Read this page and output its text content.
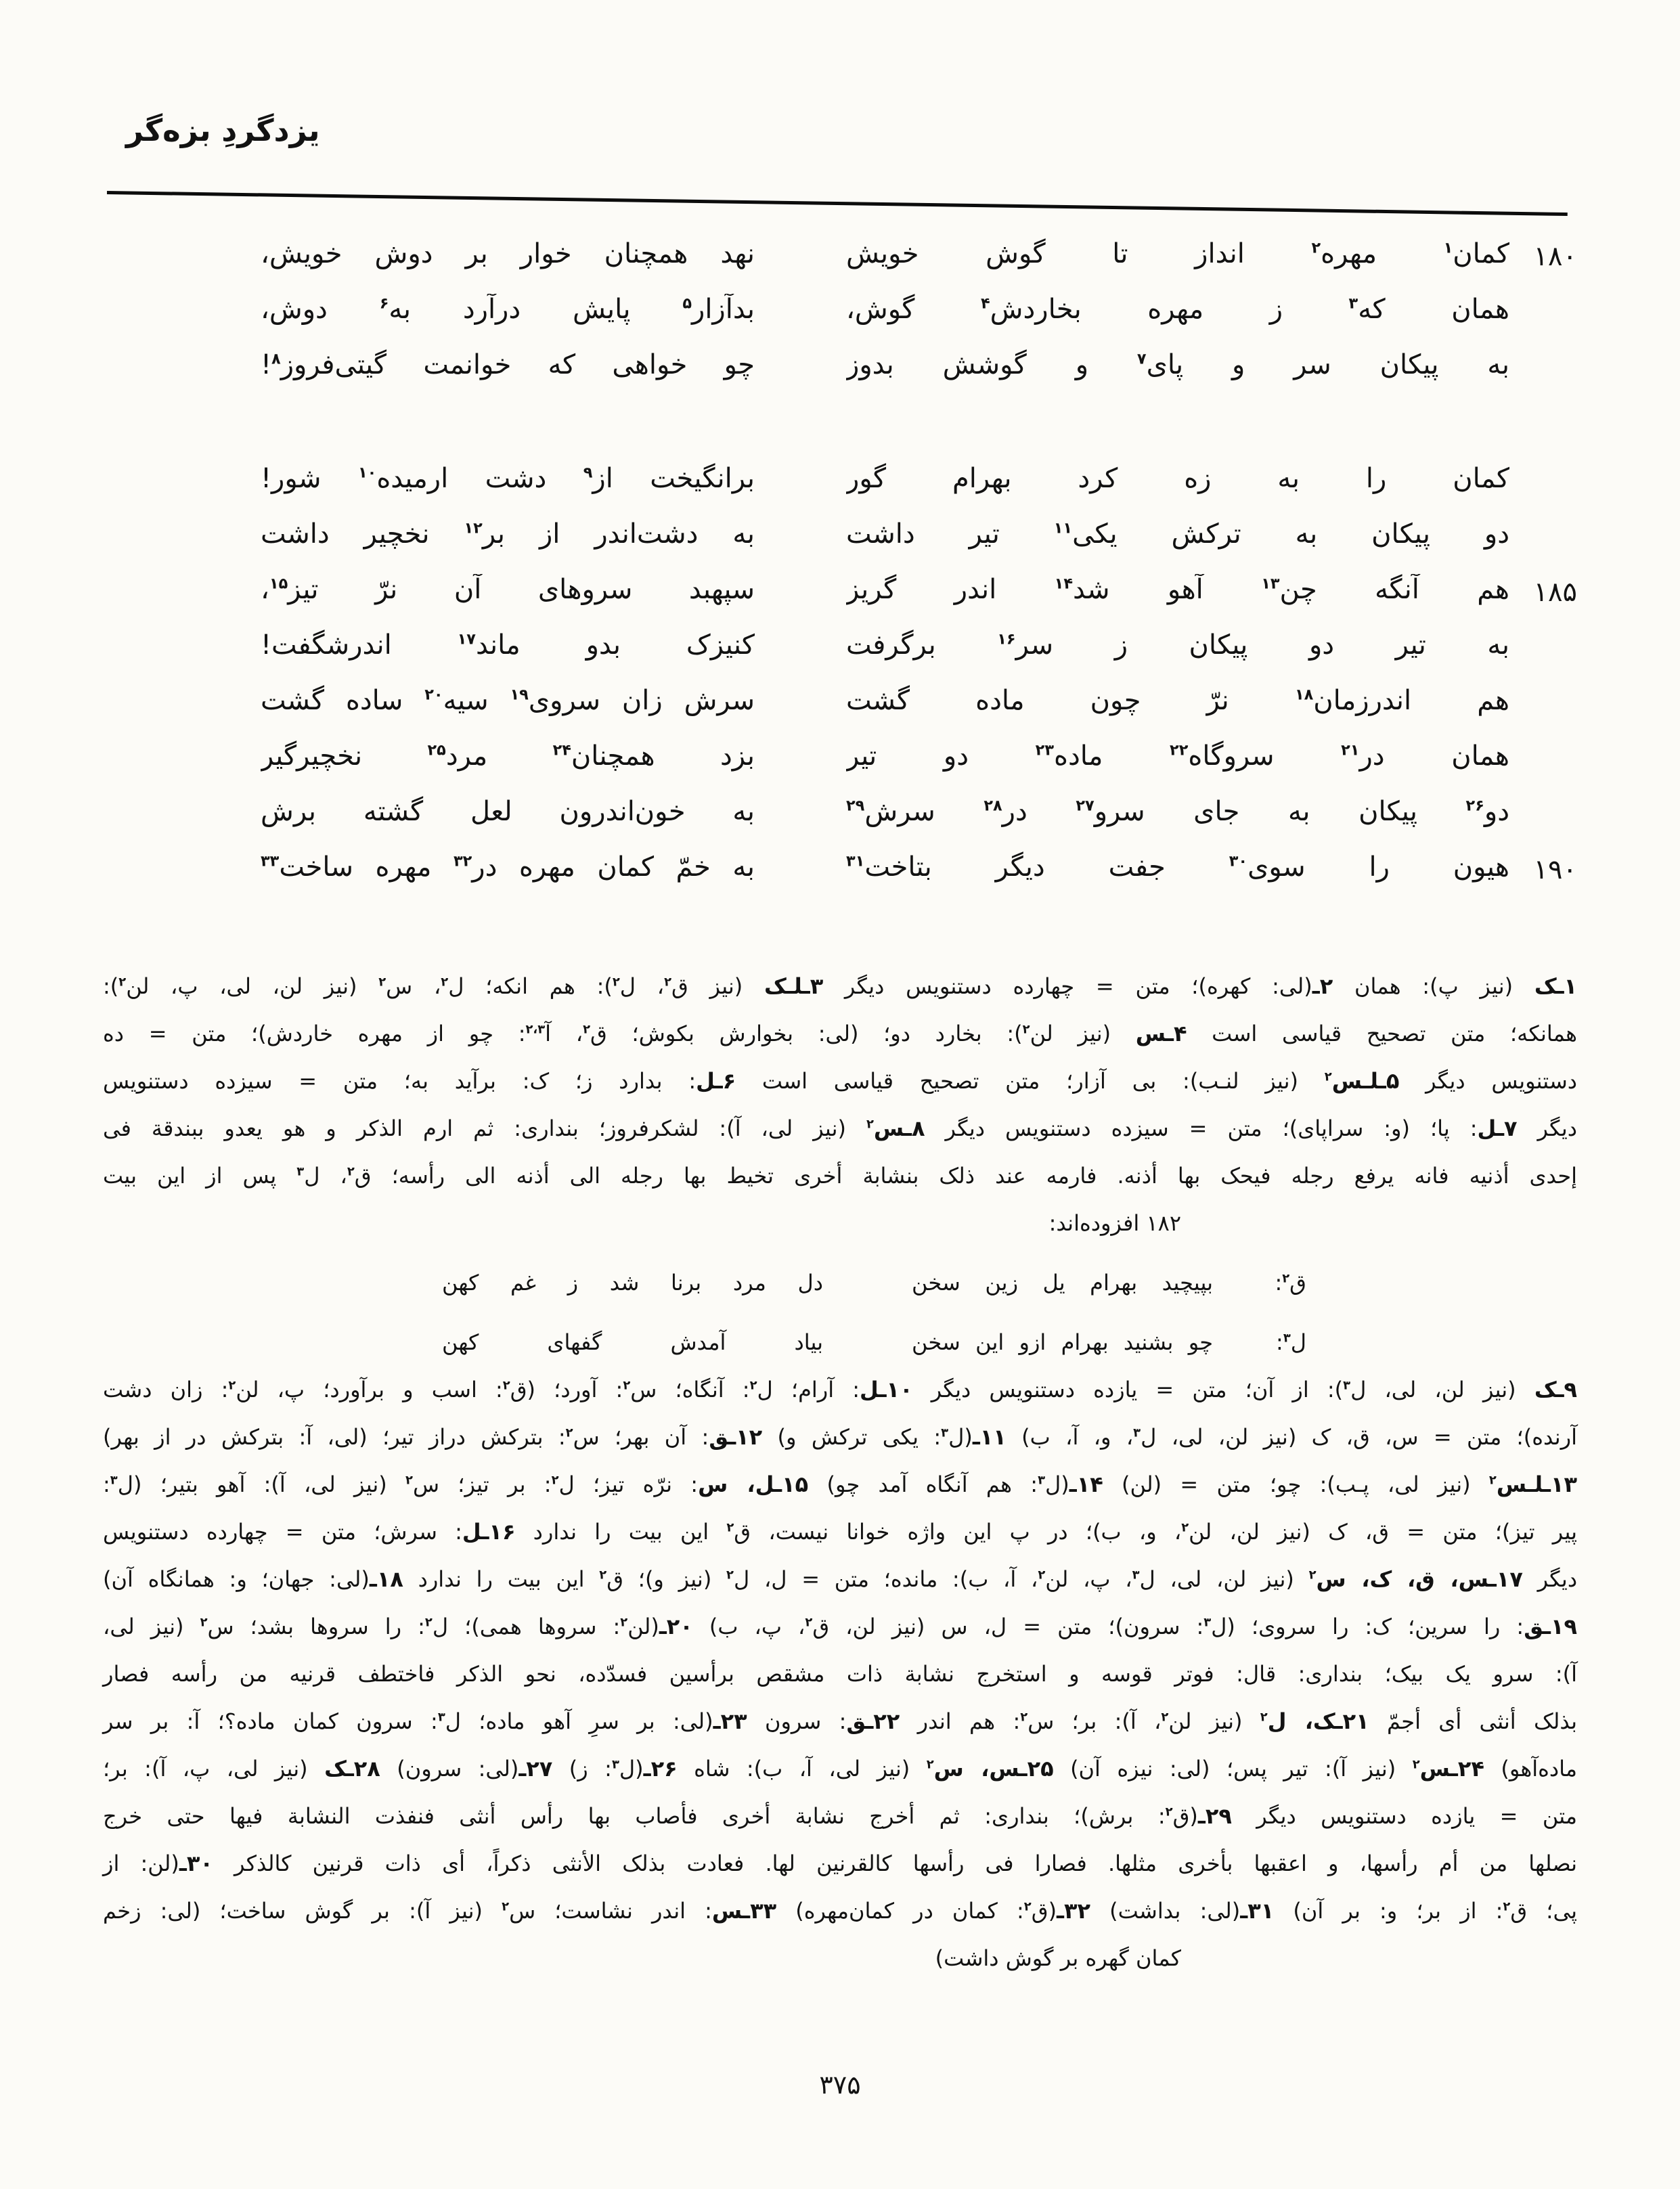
یزدگردِ بزه‌گر
۱۸۰
کمان$^۱$ مهره$^۲$ انداز تا گوش خویش
نهد همچنان خوار بر دوش خویش،
همان که$^۳$ ز مهره بخاردش$^۴$ گوش،
بدآزار$^۵$ پایش درآرد به$^۶$ دوش،
به پیکان سر و پای$^۷$ و گوشش بدوز
چو خواهی که خوانمت گیتی‌فروز$^۸$!
کمان را به زه کرد بهرام گور
برانگیخت از$^۹$ دشت ارمیده$^{۱۰}$ شور!
دو پیکان به ترکش یکی$^{۱۱}$ تیر داشت
به دشت‌اندر از برِ$^{۱۲}$ نخچیر داشت
۱۸۵
هم آنگه چن$^{۱۳}$ آهو شد$^{۱۴}$ اندر گریز
سپهبد سروهای آن نرّ تیز$^{۱۵}$،
به تیر دو پیکان ز سر$^{۱۶}$ برگرفت
کنیزک بدو ماند$^{۱۷}$ اندرشگفت!
هم اندرزمان$^{۱۸}$ نرّ چون ماده گشت
سرش زان سروی$^{۱۹}$ سیه$^{۲۰}$ ساده گشت
همان در$^{۲۱}$ سروگاه$^{۲۲}$ ماده$^{۲۳}$ دو تیر
بزد همچنان$^{۲۴}$ مرد$^{۲۵}$ نخچیرگیر
دو$^{۲۶}$ پیکان به جای سرو$^{۲۷}$ در$^{۲۸}$ سرش$^{۲۹}$
به خون‌اندرون لعل گشته برش
۱۹۰
هیون را سوی$^{۳۰}$ جفت دیگر بتاخت$^{۳۱}$
به خمّ کمان مهره در$^{۳۲}$ مهره ساخت$^{۳۳}$
۱ـک (نیز پ): همان ۲ـ(لی: کهره)؛ متن = چهارده دستنویس دیگر ۳ـلـک (نیز ق$^۲$، ل$^۲$): هم انکه؛ ل$^۲$، س$^۲$ (نیز لن، لی، پ، لن$^۲$):
همانکه؛ متن تصحیح قیاسی است ۴ـس (نیز لن$^۲$): بخارد دو؛ (لی: بخوارش بکوش؛ ق$^۲$، آ$^{۲،۳}$: چو از مهره خاردش)؛ متن = ده
دستنویس دیگر ۵ـلـس$^۲$ (نیز لنـب): بی آزار؛ متن تصحیح قیاسی است ۶ـل: بدارد ز؛ ک: برآید به؛ متن = سیزده دستنویس
دیگر ۷ـل: پا؛ (و: سراپای)؛ متن = سیزده دستنویس دیگر ۸ـس$^۲$ (نیز لی، آ): لشکرفروز؛ بنداری: ثم ارم الذکر و هو یعدو ببندقة فی
إحدی أذنیه فانه یرفع رجله فیحک بها أذنه. فارمه عند ذلک بنشابة أخری تخیط بها رجله الی أذنه الی رأسه؛ ق$^۲$، ل$^۳$ پس از این بیت
۱۸۲ افزوده‌اند:
ق$^۲$:
بپیچید بهرام یل زین سخن
دل مرد برنا شد ز غم کهن
ل$^۳$:
چو بشنید بهرام ازو این سخن
بیاد آمدش گفهای کهن
۹ـک (نیز لن، لی، ل$^۳$): از آن؛ متن = یازده دستنویس دیگر ۱۰ـل: آرام؛ ل$^۲$: آنگاه؛ س$^۲$: آورد؛ (ق$^۲$: اسب و برآورد؛ پ، لن$^۲$: زان دشت
آرنده)؛ متن = س، ق، ک (نیز لن، لی، ل$^۳$، و، آ، ب) ۱۱ـ(ل$^۳$: یکی ترکش و) ۱۲ـق: آن بهر؛ س$^۲$: بترکش دراز تیر؛ (لی، آ: بترکش در از بهر)
۱۳ـلـس$^۲$ (نیز لی، پـب): چو؛ متن = (لن) ۱۴ـ(ل$^۳$: هم آنگاه آمد چو) ۱۵ـل، س: نرّه تیز؛ ل$^۲$: بر تیز؛ س$^۲$ (نیز لی، آ): آهو بتیر؛ (ل$^۳$:
پیر تیز)؛ متن = ق، ک (نیز لن، لن$^۲$، و، ب)؛ در پ این واژه خوانا نیست، ق$^۲$ این بیت را ندارد ۱۶ـل: سرش؛ متن = چهارده دستنویس
دیگر ۱۷ـس، ق، ک، س$^۲$ (نیز لن، لی، ل$^۳$، پ، لن$^۲$، آ، ب): مانده؛ متن = ل، ل$^۲$ (نیز و)؛ ق$^۲$ این بیت را ندارد ۱۸ـ(لی: جهان؛ و: همانگاه آن)
۱۹ـق: را سرین؛ ک: را سروی؛ (ل$^۳$: سرون)؛ متن = ل، س (نیز لن، ق$^۲$، پ، ب) ۲۰ـ(لن$^۲$: سروها همی)؛ ل$^۲$: را سروها بشد؛ س$^۲$ (نیز لی،
آ): سرو یک بیک؛ بنداری: قال: فوتر قوسه و استخرج نشابة ذات مشقص برأسین فسدّده، نحو الذکر فاختطف قرنیه من رأسه فصار
بذلک أنثی أی أجمّ ۲۱ـک، ل$^۲$ (نیز لن$^۲$، آ): بر؛ س$^۲$: هم اندر ۲۲ـق: سرون ۲۳ـ(لی: بر سرِ آهو ماده؛ ل$^۳$: سرون کمان ماده؟؛ آ: بر سر
ماده‌آهو) ۲۴ـس$^۲$ (نیز آ): تیر پس؛ (لی: نیزه آن) ۲۵ـس، س$^۲$ (نیز لی، آ، ب): شاه ۲۶ـ(ل$^۳$: ز) ۲۷ـ(لی: سرون) ۲۸ـک (نیز لی، پ، آ): بر؛
متن = یازده دستنویس دیگر ۲۹ـ(ق$^۲$: برش)؛ بنداری: ثم أخرج نشابة أخری فأصاب بها رأس أنثی فنفذت النشابة فیها حتی خرج
نصلها من أم رأسها، و اعقبها بأخری مثلها. فصارا فی رأسها کالقرنین لها. فعادت بذلک الأنثی ذکراً، أی ذات قرنین کالذکر ۳۰ـ(لن: از
پی؛ ق$^۲$: از بر؛ و: بر آن) ۳۱ـ(لی: بداشت) ۳۲ـ(ق$^۲$: کمان در کمان‌مهره) ۳۳ـس: اندر نشاست؛ س$^۲$ (نیز آ): بر گوش ساخت؛ (لی: زخم
کمان گهره بر گوش داشت)
۳۷۵
